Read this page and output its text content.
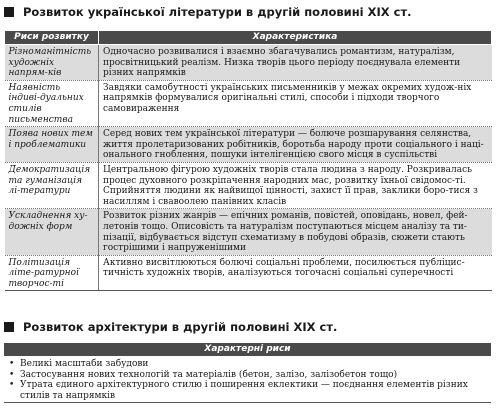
Розвиток української літератури в другій половині XIX ст.
Риси розвитку	Характеристика
Різноманітність художніх напрям-ків	Одночасно розвивалися і взаємно збагачувались романтизм, натуралізм, просвітницький реалізм. Низка творів цього періоду поєднувала елементи різних напрямків
Наявність індиві-дуальних стилів письменства	Завдяки самобутності українських письменників у межах окремих худож-ніх напрямків формувалися оригінальні стилі, способи і підходи творчого самовираження
Поява нових тем і проблематики	Серед нових тем української літератури — болюче розшарування селянства, життя пролетаризованих робітників, боротьба народу проти соціального і наці-онального гноблення, пошуки інтелігенцією свого місця в суспільстві
Демократизація та гуманізація лі-тератури	Центральною фігурою художніх творів стала людина з народу. Розкривалась процес духовного розкріпачення народних мас, розвитку їхньої свідомос-ті. Сприйняття людини як найвищої цінності, захист її прав, заклики боро-тися з насиллям і свавоолею панівних класів
Ускладнення ху-дожніх форм	Розвиток різних жанрів — епічних романів, повістей, оповідань, новел, фей-летонів тощо. Описовість та натуралізм поступаються місцем аналізу та ти-пізації, відбувається відступ схематизму в побудові образів, сюжети стають гострішими і напруженішими
Політизація літе-ратурної творчос-ті	Активно висвітлюються болючі соціальні проблеми, посилюється публіцис-тичність художніх творів, аналізуються тогочасні соціальні суперечності
Розвиток архітектури в другій половині XIX ст.
Характерні риси
• Великі масштаби забудови
• Застосування нових технологій та матеріалів (бетон, залізо, залізобетон тощо)
• Утрата єдиного архітектурного стилю і поширення еклектики — поєднання елементів різних стилів та напрямків
